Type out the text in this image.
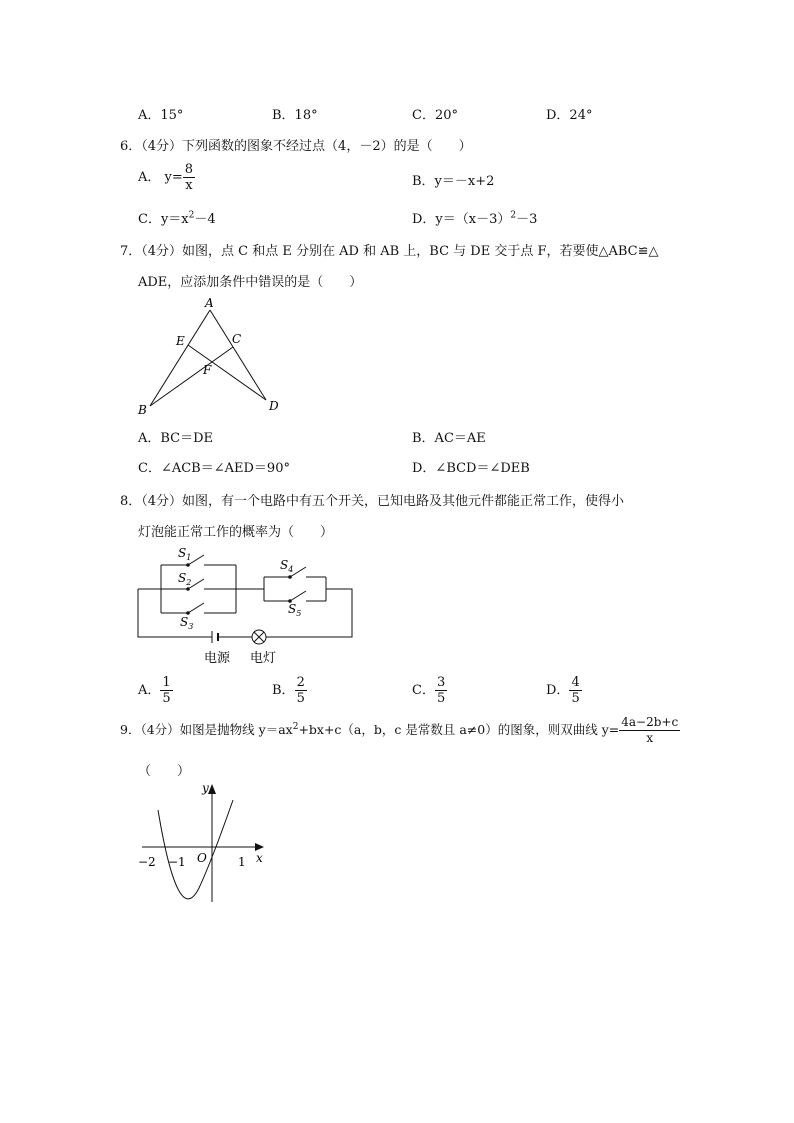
A．15°	B．18°	C．20°	D．24°
6．（4分）下列函数的图象不经过点（4，－2）的是（　　）
A． $y= \frac{8}{x}$	B．y＝－x+2
C．$y=x^2-4$	D．$y=(x-3)^2-3$
7．（4分）如图，点 C 和点 E 分别在 AD 和 AB 上，BC 与 DE 交于点 F，若要使△ABC≌△
ADE，应添加条件中错误的是（　　）
A
E	C
F
B	D
A．BC＝DE	B．AC＝AE
C．∠ACB＝∠AED＝90°	D．∠BCD＝∠DEB
8．（4分）如图，有一个电路中有五个开关，已知电路及其他元件都能正常工作，使得小
灯泡能正常工作的概率为（　　）
$S_1$
$S_2$
$S_3$
$S_4$
$S_5$
电源 电灯
A． $\frac{1}{5}$	B． $\frac{2}{5}$	C． $\frac{3}{5}$	D． $\frac{4}{5}$
9．（4分）如图是抛物线 $y=ax^2+bx+c(a$，b，c 是常数且 a≠0）的图象，则双曲线 $y= \frac{4a-2b+c}{x}$
（　　）
y
x
O
−2 −1	1
